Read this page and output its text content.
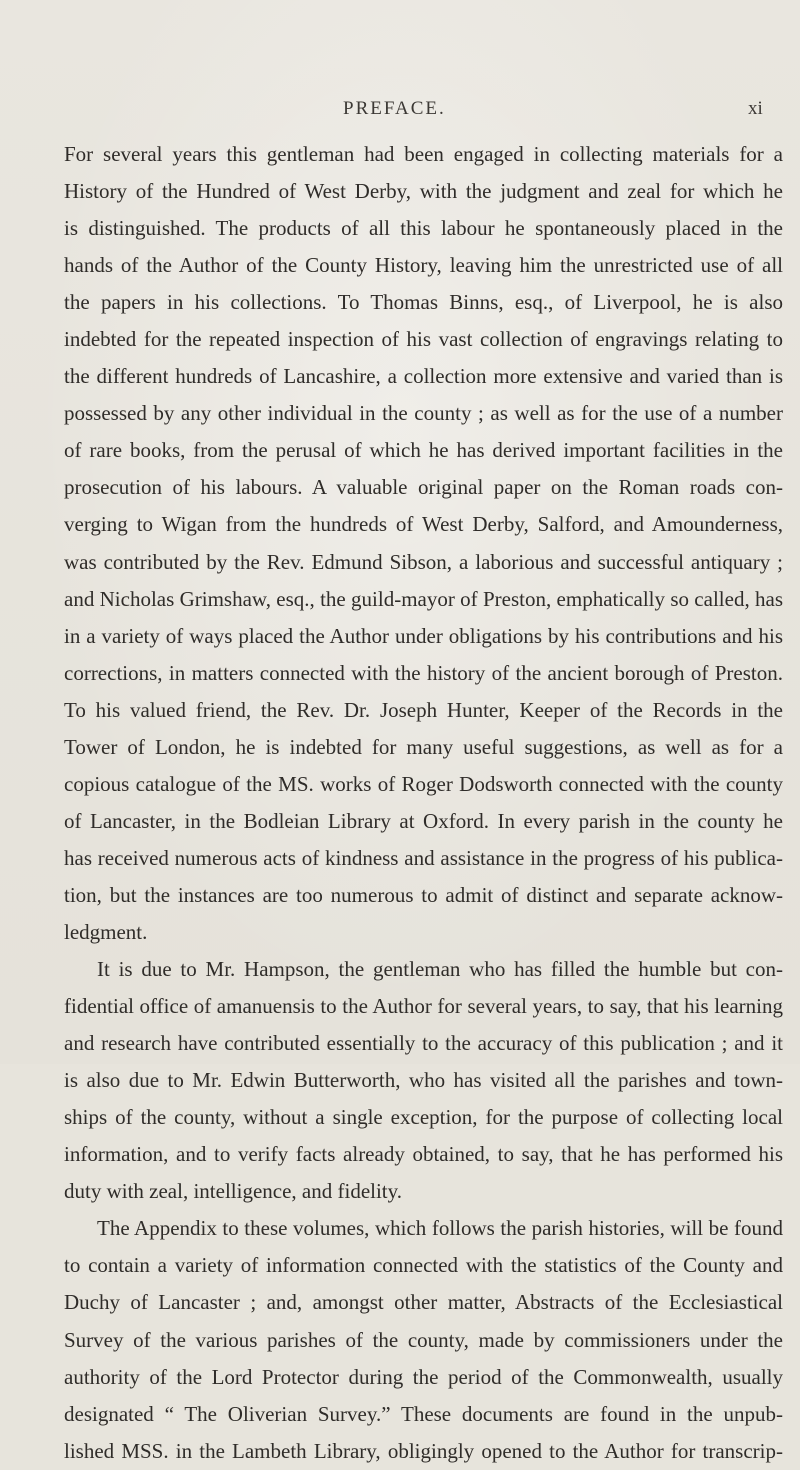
PREFACE.	xi
For several years this gentleman had been engaged in collecting materials for a
History of the Hundred of West Derby, with the judgment and zeal for which he
is distinguished. The products of all this labour he spontaneously placed in the
hands of the Author of the County History, leaving him the unrestricted use of all
the papers in his collections. To Thomas Binns, esq., of Liverpool, he is also
indebted for the repeated inspection of his vast collection of engravings relating to
the different hundreds of Lancashire, a collection more extensive and varied than is
possessed by any other individual in the county ; as well as for the use of a number
of rare books, from the perusal of which he has derived important facilities in the
prosecution of his labours. A valuable original paper on the Roman roads con-
verging to Wigan from the hundreds of West Derby, Salford, and Amounderness,
was contributed by the Rev. Edmund Sibson, a laborious and successful antiquary ;
and Nicholas Grimshaw, esq., the guild-mayor of Preston, emphatically so called, has
in a variety of ways placed the Author under obligations by his contributions and his
corrections, in matters connected with the history of the ancient borough of Preston.
To his valued friend, the Rev. Dr. Joseph Hunter, Keeper of the Records in the
Tower of London, he is indebted for many useful suggestions, as well as for a
copious catalogue of the MS. works of Roger Dodsworth connected with the county
of Lancaster, in the Bodleian Library at Oxford. In every parish in the county he
has received numerous acts of kindness and assistance in the progress of his publica-
tion, but the instances are too numerous to admit of distinct and separate acknow-
ledgment.
It is due to Mr. Hampson, the gentleman who has filled the humble but con-
fidential office of amanuensis to the Author for several years, to say, that his learning
and research have contributed essentially to the accuracy of this publication ; and it
is also due to Mr. Edwin Butterworth, who has visited all the parishes and town-
ships of the county, without a single exception, for the purpose of collecting local
information, and to verify facts already obtained, to say, that he has performed his
duty with zeal, intelligence, and fidelity.
The Appendix to these volumes, which follows the parish histories, will be found
to contain a variety of information connected with the statistics of the County and
Duchy of Lancaster ; and, amongst other matter, Abstracts of the Ecclesiastical
Survey of the various parishes of the county, made by commissioners under the
authority of the Lord Protector during the period of the Commonwealth, usually
designated “ The Oliverian Survey.” These documents are found in the unpub-
lished MSS. in the Lambeth Library, obligingly opened to the Author for transcrip-
